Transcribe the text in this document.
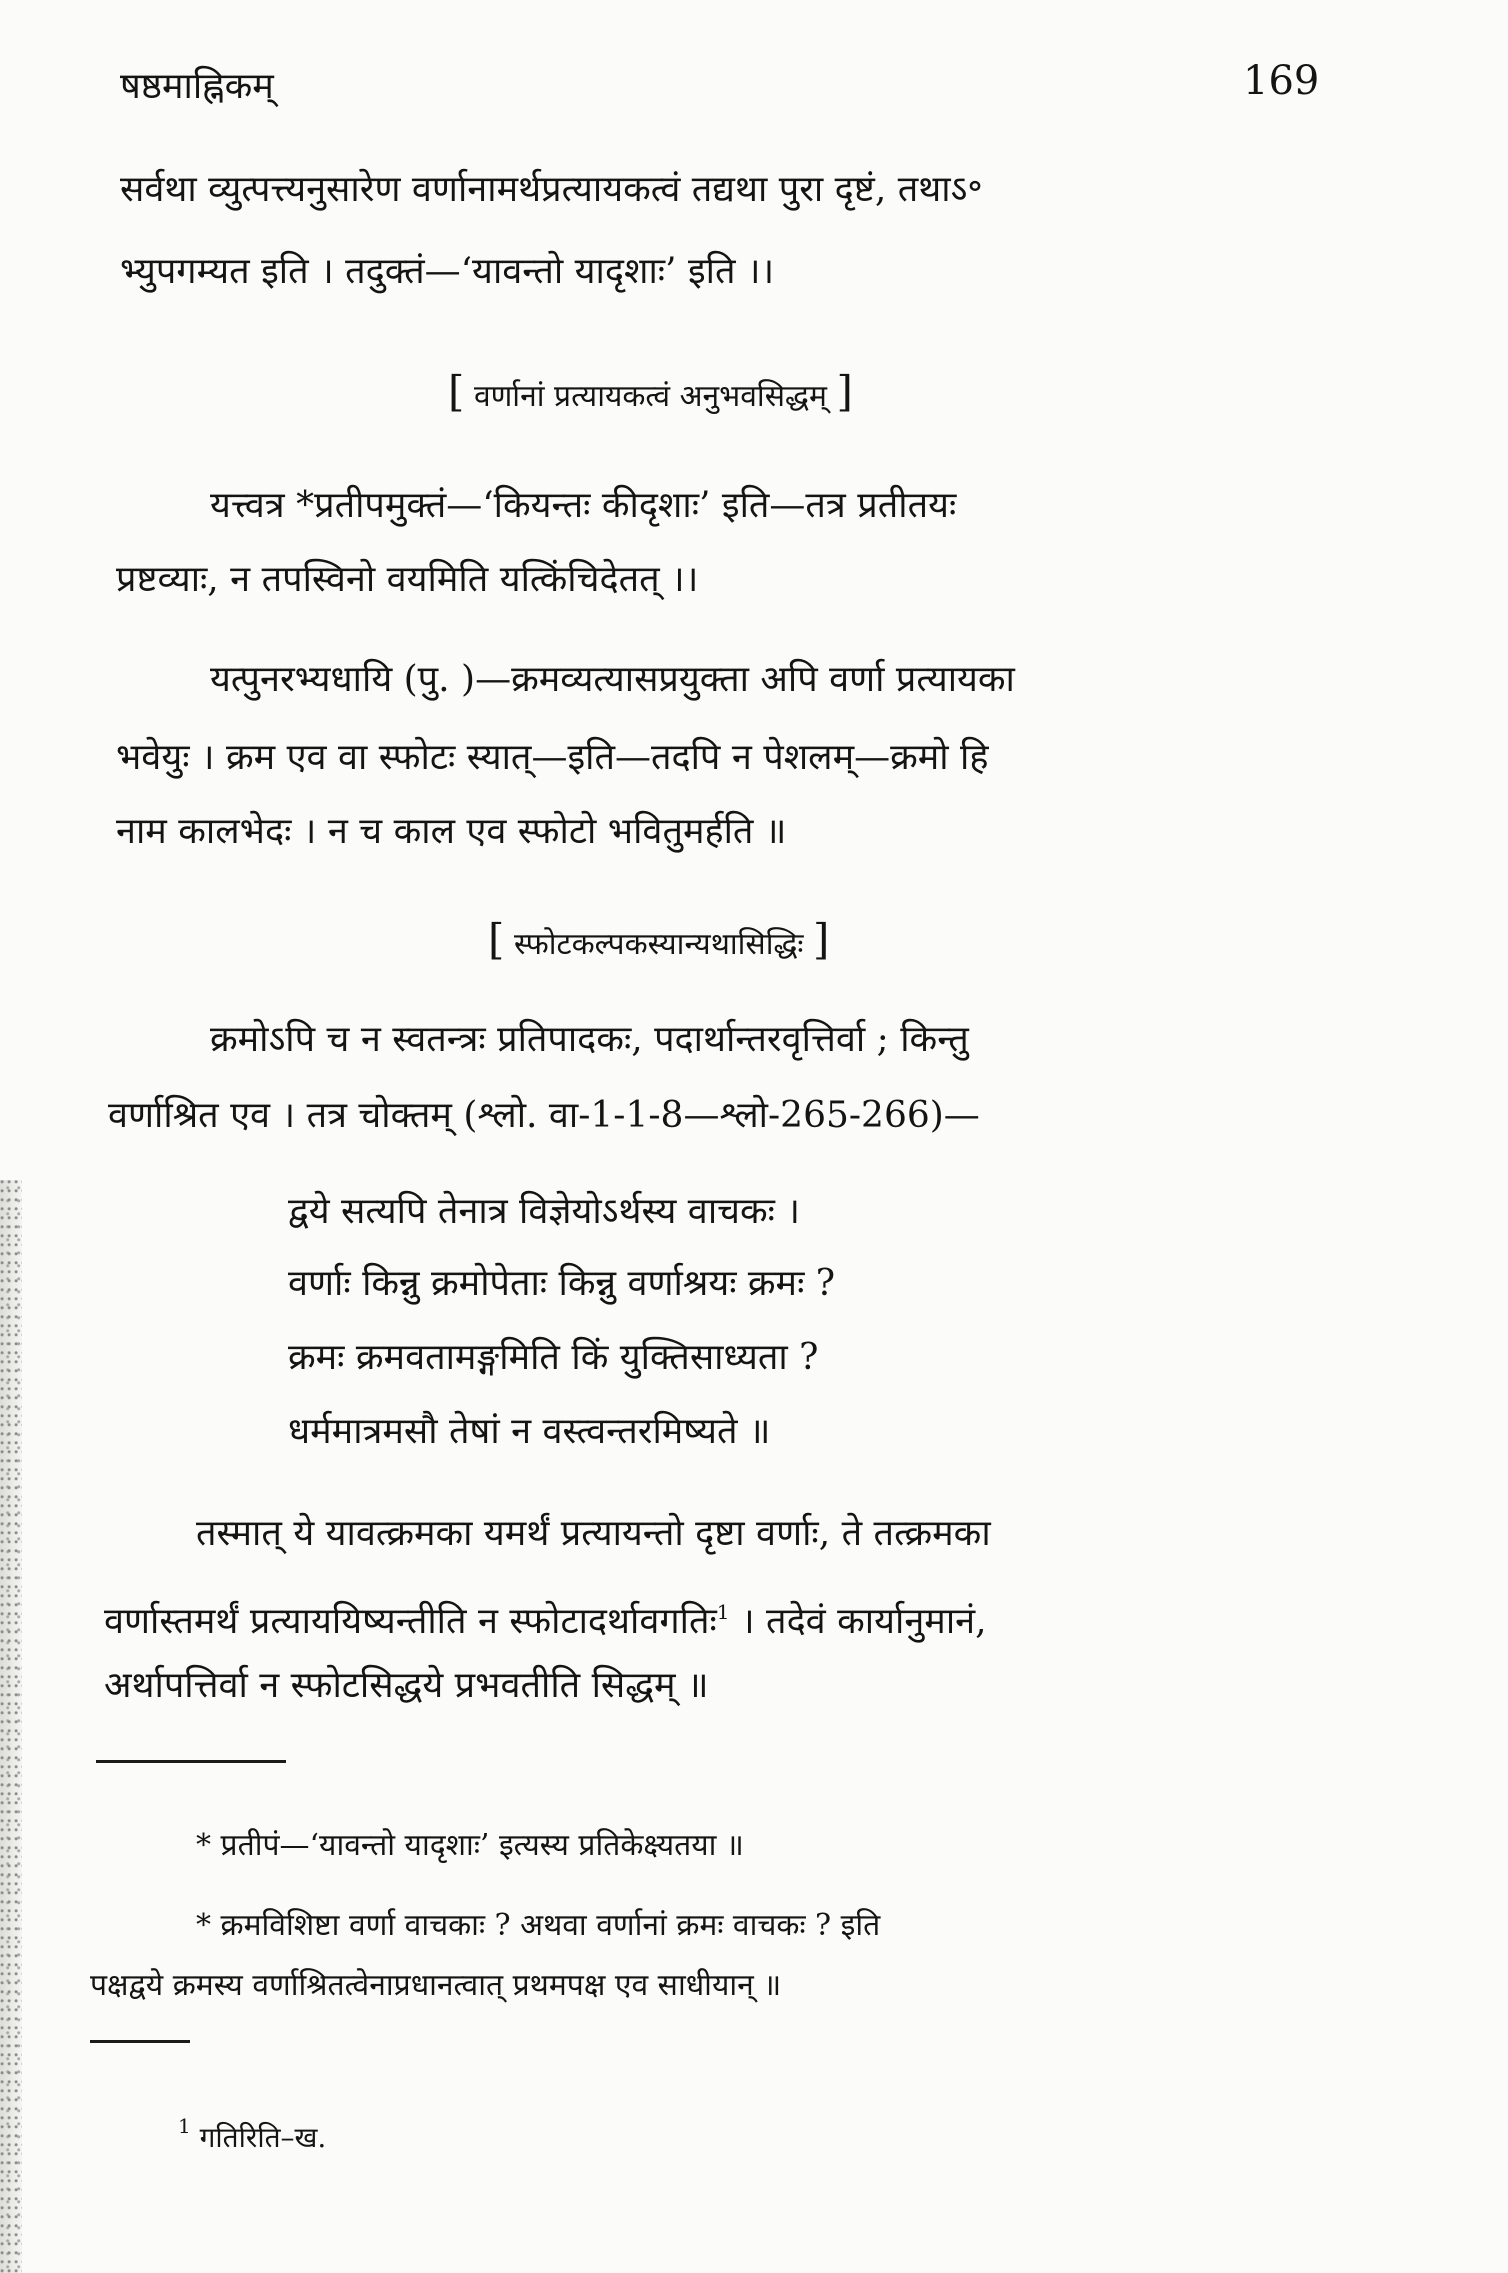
षष्ठमाह्निकम्	169
सर्वथा व्युत्पत्त्यनुसारेण वर्णानामर्थप्रत्यायकत्वं तद्यथा पुरा दृष्टं, तथाऽ॰
भ्युपगम्यत इति । तदुक्तं—‘यावन्तो यादृशाः’ इति ।।
[ वर्णानां प्रत्यायकत्वं अनुभवसिद्धम् ]
यत्त्वत्र *प्रतीपमुक्तं—‘कियन्तः कीदृशाः’ इति—तत्र प्रतीतयः
प्रष्टव्याः, न तपस्विनो वयमिति यत्किंचिदेतत् ।।
यत्पुनरभ्यधायि (पु. )—क्रमव्यत्यासप्रयुक्ता अपि वर्णा प्रत्यायका
भवेयुः । क्रम एव वा स्फोटः स्यात्—इति—तदपि न पेशलम्—क्रमो हि
नाम कालभेदः । न च काल एव स्फोटो भवितुमर्हति ॥
[ स्फोटकल्पकस्यान्यथासिद्धिः ]
क्रमोऽपि च न स्वतन्त्रः प्रतिपादकः, पदार्थान्तरवृत्तिर्वा ; किन्तु
वर्णाश्रित एव । तत्र चोक्तम् (श्लो. वा-1-1-8—श्लो-265-266)—
द्वये सत्यपि तेनात्र विज्ञेयोऽर्थस्य वाचकः ।
वर्णाः किन्नु क्रमोपेताः किन्नु वर्णाश्रयः क्रमः ?
क्रमः क्रमवतामङ्गमिति किं युक्तिसाध्यता ?
धर्ममात्रमसौ तेषां न वस्त्वन्तरमिष्यते ॥
तस्मात् ये यावत्क्रमका यमर्थं प्रत्यायन्तो दृष्टा वर्णाः, ते तत्क्रमका
वर्णास्तमर्थं प्रत्याययिष्यन्तीति न स्फोटादर्थावगतिः$^1$ । तदेवं कार्यानुमानं,
अर्थापत्तिर्वा न स्फोटसिद्धये प्रभवतीति सिद्धम् ॥
* प्रतीपं—‘यावन्तो यादृशाः’ इत्यस्य प्रतिकेक्ष्यतया ॥
* क्रमविशिष्टा वर्णा वाचकाः ? अथवा वर्णानां क्रमः वाचकः ? इति
पक्षद्वये क्रमस्य वर्णाश्रितत्वेनाप्रधानत्वात् प्रथमपक्ष एव साधीयान् ॥
$^1$ गतिरिति–ख.
